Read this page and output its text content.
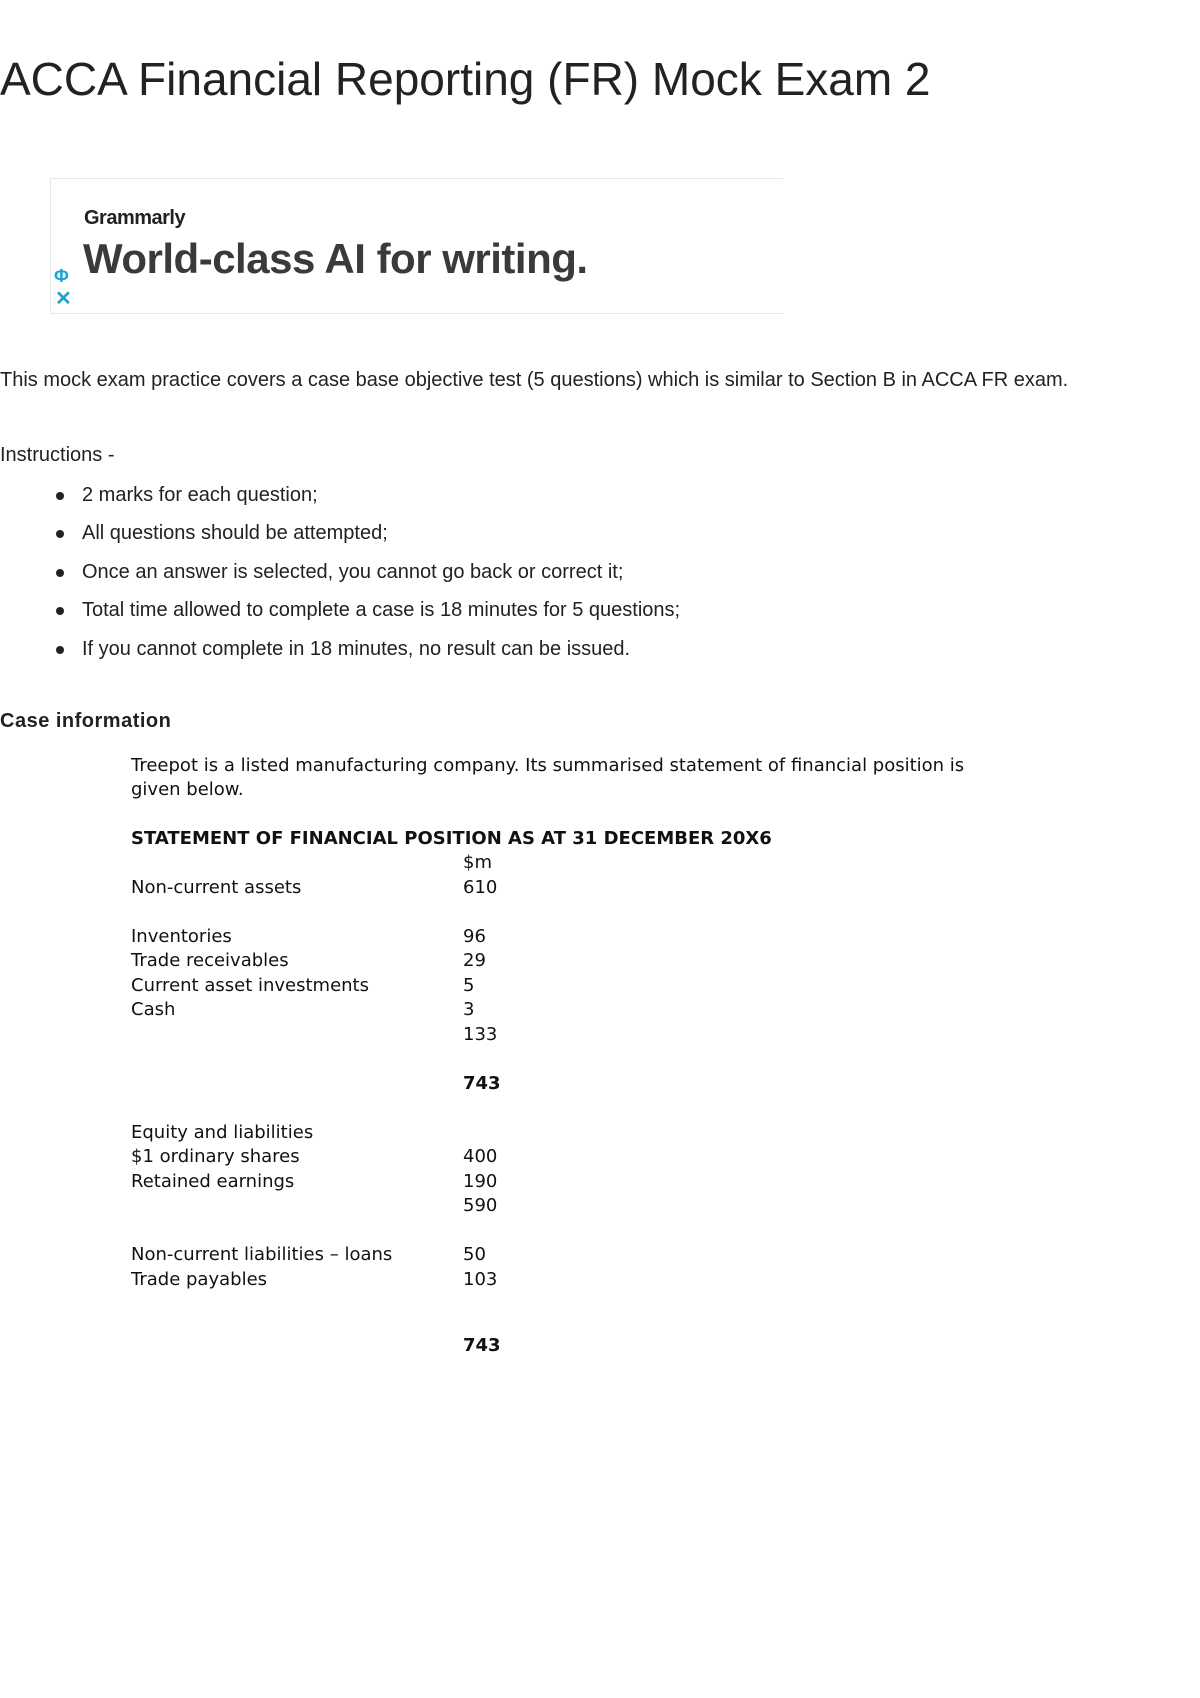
ACCA Financial Reporting (FR) Mock Exam 2
Grammarly
World-class AI for writing.
Φ
✕
This mock exam practice covers a case base objective test (5 questions) which is similar to Section B in ACCA FR exam.
Instructions -
2 marks for each question;
All questions should be attempted;
Once an answer is selected, you cannot go back or correct it;
Total time allowed to complete a case is 18 minutes for 5 questions;
If you cannot complete in 18 minutes, no result can be issued.
Case information

Treepot is a listed manufacturing company. Its summarised statement of financial position is

given below.

STATEMENT OF FINANCIAL POSITION AS AT 31 DECEMBER 20X6
$m
Non-current assets	610
Inventories	96
Trade receivables	29
Current asset investments	5
Cash	3
133
743
Equity and liabilities
$1 ordinary shares	400
Retained earnings	190
590
Non-current liabilities – loans	50
Trade payables	103
743
